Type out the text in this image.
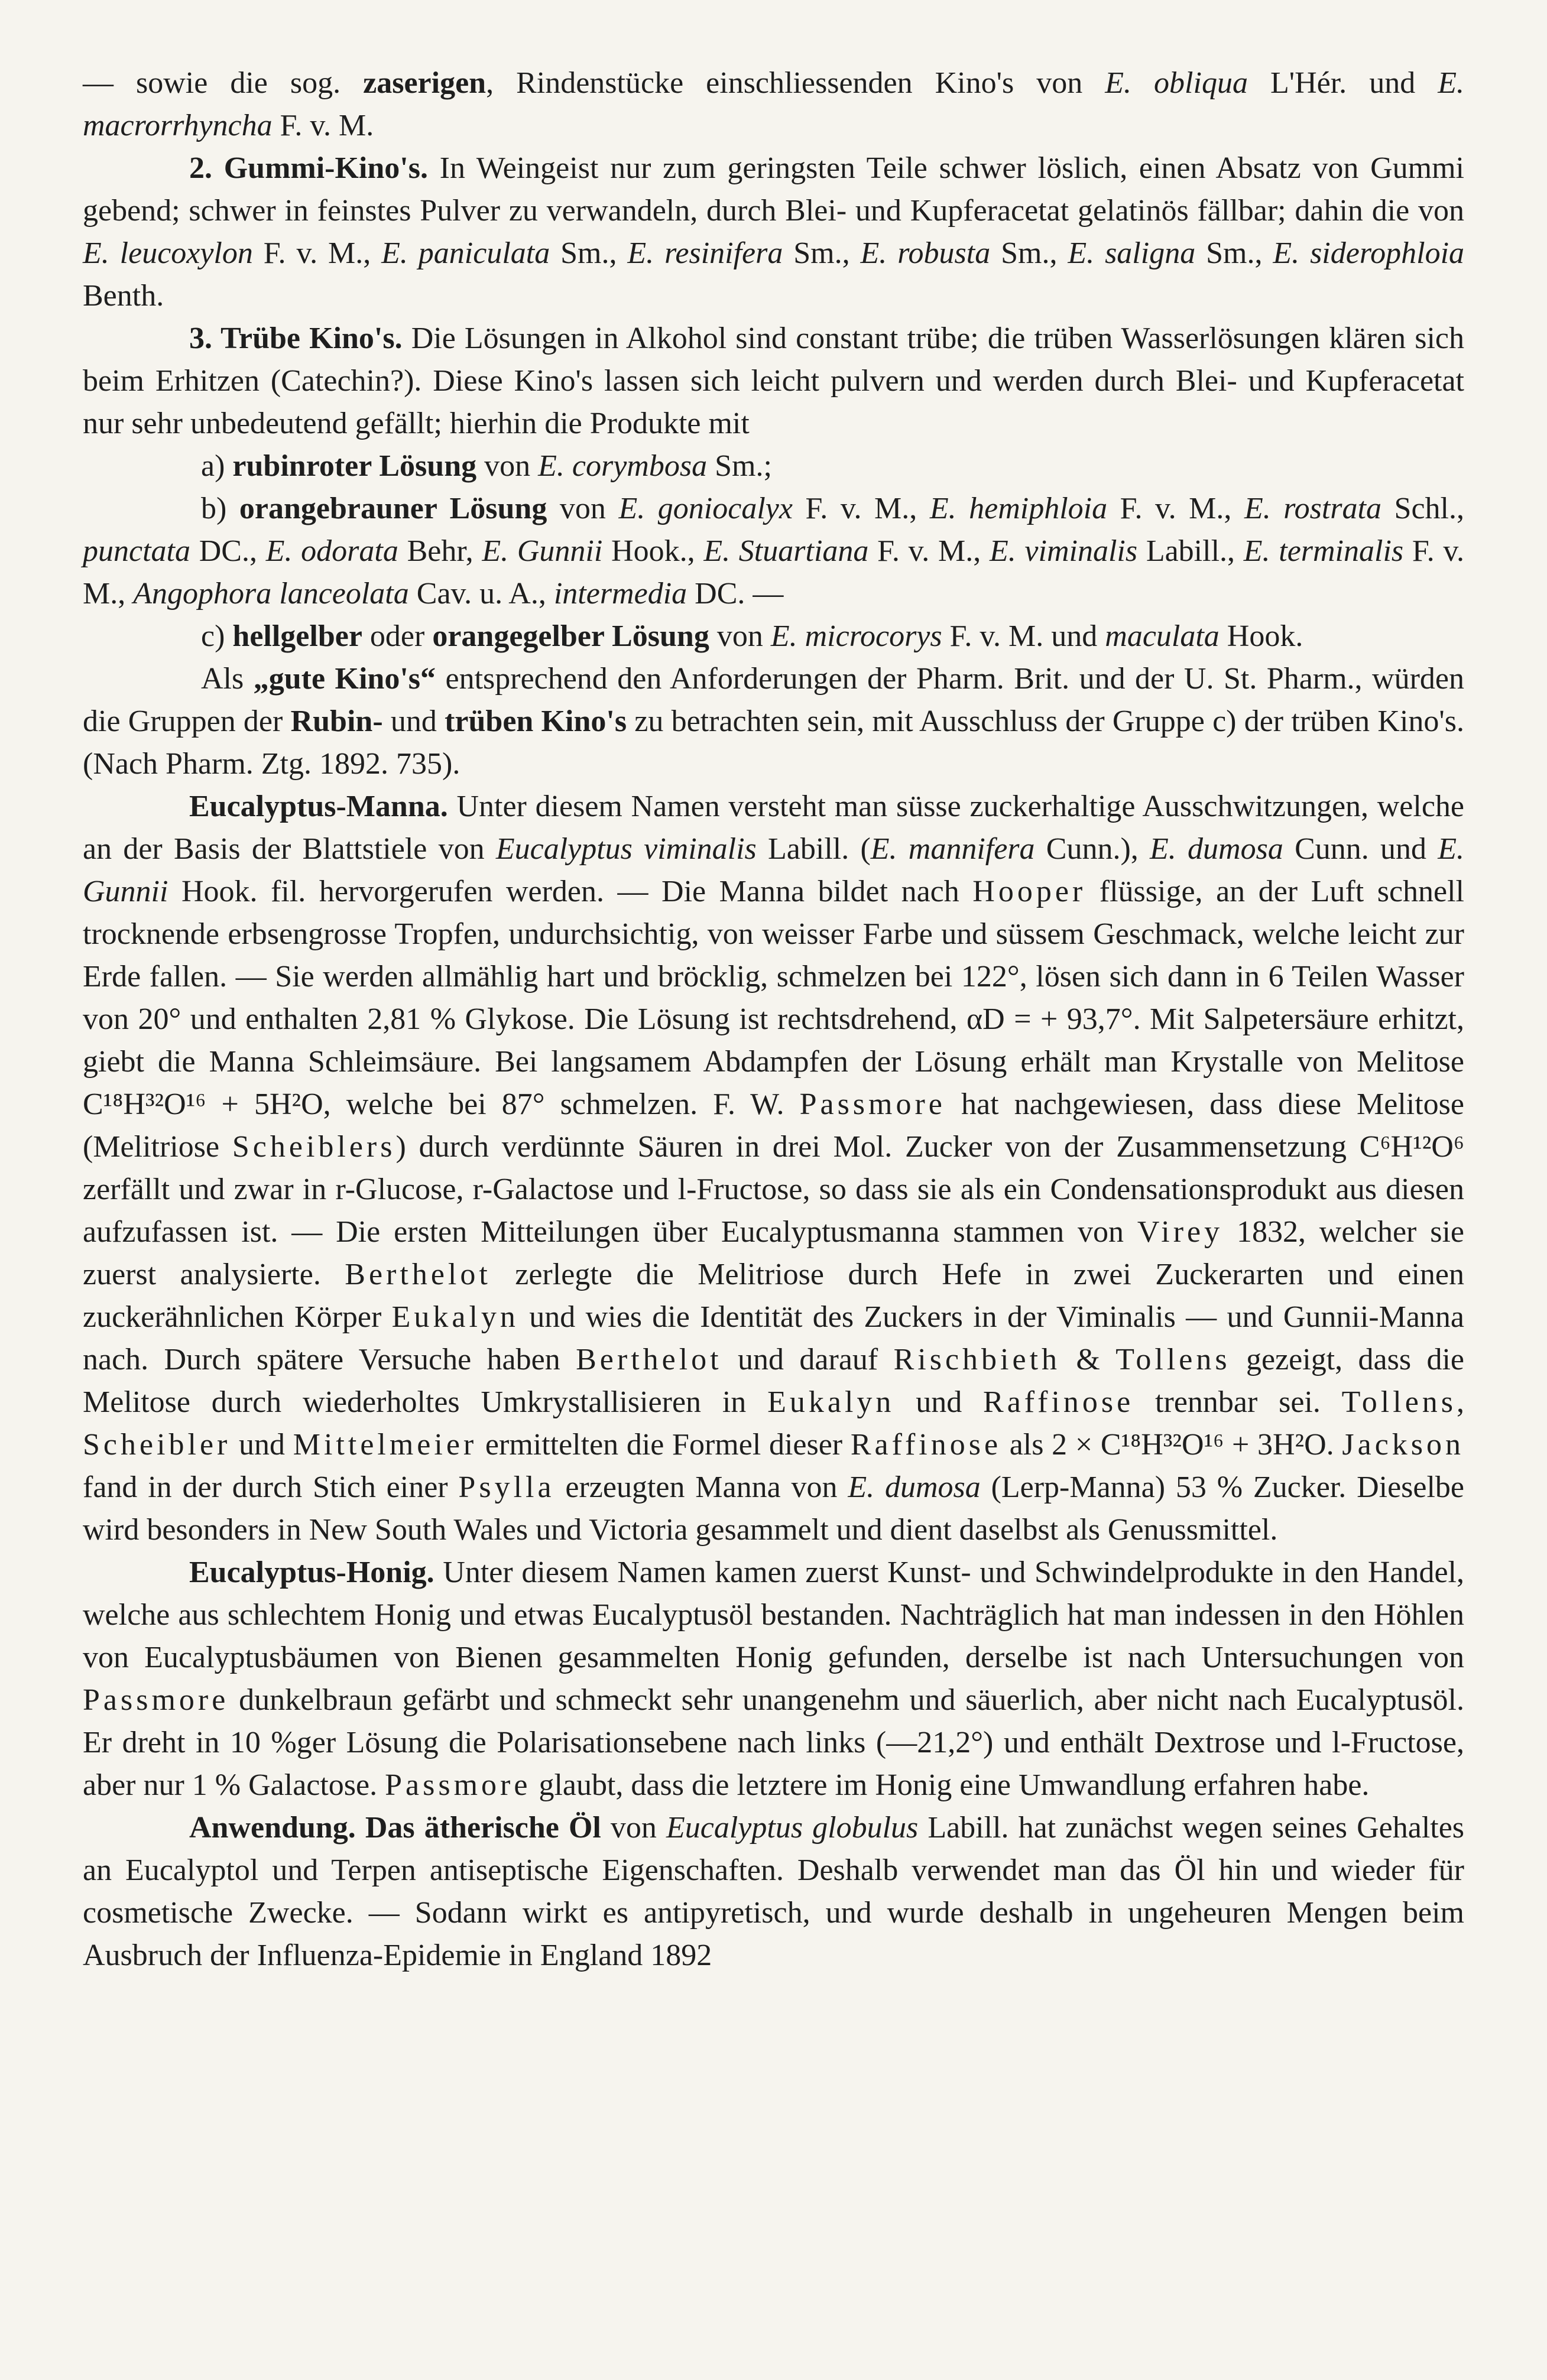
— sowie die sog. zaserigen, Rindenstücke einschliessenden Kino's von E. obliqua L'Hér. und E. macrorrhyncha F. v. M.

2. Gummi-Kino's. In Weingeist nur zum geringsten Teile schwer löslich, einen Absatz von Gummi gebend; schwer in feinstes Pulver zu verwandeln, durch Blei- und Kupferacetat gelatinös fällbar; dahin die von E. leucoxylon F. v. M., E. paniculata Sm., E. resinifera Sm., E. robusta Sm., E. saligna Sm., E. siderophloia Benth.

3. Trübe Kino's. Die Lösungen in Alkohol sind constant trübe; die trüben Wasserlösungen klären sich beim Erhitzen (Catechin?). Diese Kino's lassen sich leicht pulvern und werden durch Blei- und Kupferacetat nur sehr unbedeutend gefällt; hierhin die Produkte mit

a) rubinroter Lösung von E. corymbosa Sm.;

b) orangebrauner Lösung von E. goniocalyx F. v. M., E. hemiphloia F. v. M., E. rostrata Schl., punctata DC., E. odorata Behr, E. Gunnii Hook., E. Stuartiana F. v. M., E. viminalis Labill., E. terminalis F. v. M., Angophora lanceolata Cav. u. A., intermedia DC. —

c) hellgelber oder orangegelber Lösung von E. microcorys F. v. M. und maculata Hook.

Als „gute Kino's“ entsprechend den Anforderungen der Pharm. Brit. und der U. St. Pharm., würden die Gruppen der Rubin- und trüben Kino's zu betrachten sein, mit Ausschluss der Gruppe c) der trüben Kino's. (Nach Pharm. Ztg. 1892. 735).

Eucalyptus-Manna. Unter diesem Namen versteht man süsse zuckerhaltige Ausschwitzungen, welche an der Basis der Blattstiele von Eucalyptus viminalis Labill. (E. mannifera Cunn.), E. dumosa Cunn. und E. Gunnii Hook. fil. hervorgerufen werden. — Die Manna bildet nach Hooper flüssige, an der Luft schnell trocknende erbsengrosse Tropfen, undurchsichtig, von weisser Farbe und süssem Geschmack, welche leicht zur Erde fallen. — Sie werden allmählig hart und bröcklig, schmelzen bei 122°, lösen sich dann in 6 Teilen Wasser von 20° und enthalten 2,81 % Glykose. Die Lösung ist rechtsdrehend, αD = + 93,7°. Mit Salpetersäure erhitzt, giebt die Manna Schleimsäure. Bei langsamem Abdampfen der Lösung erhält man Krystalle von Melitose C¹⁸H³²O¹⁶ + 5H²O, welche bei 87° schmelzen. F. W. Passmore hat nachgewiesen, dass diese Melitose (Melitriose Scheiblers) durch verdünnte Säuren in drei Mol. Zucker von der Zusammensetzung C⁶H¹²O⁶ zerfällt und zwar in r-Glucose, r-Galactose und l-Fructose, so dass sie als ein Condensationsprodukt aus diesen aufzufassen ist. — Die ersten Mitteilungen über Eucalyptusmanna stammen von Virey 1832, welcher sie zuerst analysierte. Berthelot zerlegte die Melitriose durch Hefe in zwei Zuckerarten und einen zuckerähnlichen Körper Eukalyn und wies die Identität des Zuckers in der Viminalis — und Gunnii-Manna nach. Durch spätere Versuche haben Berthelot und darauf Rischbieth & Tollens gezeigt, dass die Melitose durch wiederholtes Umkrystallisieren in Eukalyn und Raffinose trennbar sei. Tollens, Scheibler und Mittelmeier ermittelten die Formel dieser Raffinose als 2 × C¹⁸H³²O¹⁶ + 3H²O. Jackson fand in der durch Stich einer Psylla erzeugten Manna von E. dumosa (Lerp-Manna) 53 % Zucker. Dieselbe wird besonders in New South Wales und Victoria gesammelt und dient daselbst als Genussmittel.

Eucalyptus-Honig. Unter diesem Namen kamen zuerst Kunst- und Schwindelprodukte in den Handel, welche aus schlechtem Honig und etwas Eucalyptusöl bestanden. Nachträglich hat man indessen in den Höhlen von Eucalyptusbäumen von Bienen gesammelten Honig gefunden, derselbe ist nach Untersuchungen von Passmore dunkelbraun gefärbt und schmeckt sehr unangenehm und säuerlich, aber nicht nach Eucalyptusöl. Er dreht in 10 %ger Lösung die Polarisationsebene nach links (—21,2°) und enthält Dextrose und l-Fructose, aber nur 1 % Galactose. Passmore glaubt, dass die letztere im Honig eine Umwandlung erfahren habe.

Anwendung. Das ätherische Öl von Eucalyptus globulus Labill. hat zunächst wegen seines Gehaltes an Eucalyptol und Terpen antiseptische Eigenschaften. Deshalb verwendet man das Öl hin und wieder für cosmetische Zwecke. — Sodann wirkt es antipyretisch, und wurde deshalb in ungeheuren Mengen beim Ausbruch der Influenza-Epidemie in England 1892
